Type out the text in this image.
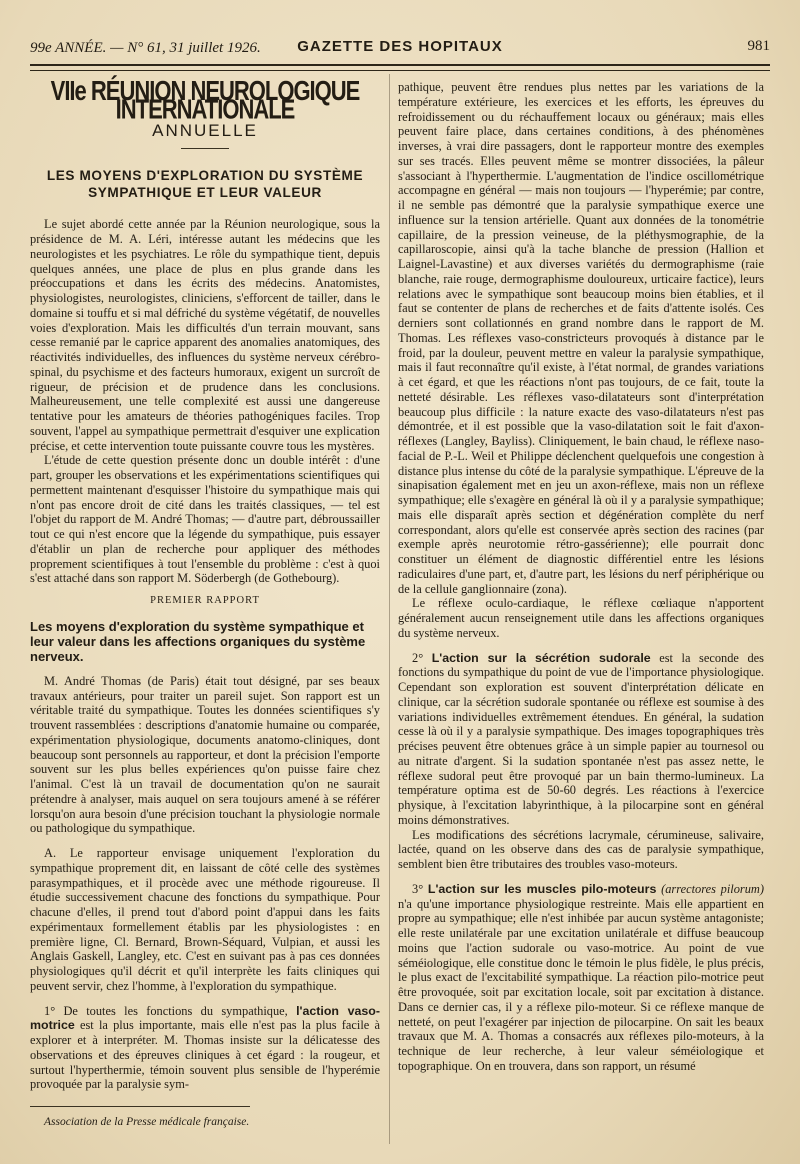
99e ANNÉE. — N° 61, 31 juillet 1926.	GAZETTE DES HOPITAUX	981
VIIe RÉUNION NEUROLOGIQUE INTERNATIONALE
ANNUELLE
LES MOYENS D'EXPLORATION DU SYSTÈME SYMPATHIQUE ET LEUR VALEUR

Le sujet abordé cette année par la Réunion neurologique, sous la présidence de M. A. Léri, intéresse autant les médecins que les neurologistes et les psychiatres. Le rôle du sympathique tient, depuis quelques années, une place de plus en plus grande dans les préoccupations et dans les écrits des médecins. Anatomistes, physiologistes, neurologistes, cliniciens, s'efforcent de tailler, dans le domaine si touffu et si mal défriché du système végétatif, de nouvelles voies d'exploration. Mais les difficultés d'un terrain mouvant, sans cesse remanié par le caprice apparent des anomalies anatomiques, des réactivités individuelles, des influences du système nerveux cérébro-spinal, du psychisme et des facteurs humoraux, exigent un surcroît de rigueur, de précision et de prudence dans les conclusions. Malheureusement, une telle complexité est aussi une dangereuse tentative pour les amateurs de théories pathogéniques faciles. Trop souvent, l'appel au sympathique permettrait d'esquiver une explication précise, et cette intervention toute puissante couvre tous les mystères.

L'étude de cette question présente donc un double intérêt : d'une part, grouper les observations et les expérimentations scientifiques qui permettent maintenant d'esquisser l'histoire du sympathique mais qui n'ont pas encore droit de cité dans les traités classiques, — tel est l'objet du rapport de M. André Thomas; — d'autre part, débroussailler tout ce qui n'est encore que la légende du sympathique, puis essayer d'établir un plan de recherche pour appliquer des méthodes proprement scientifiques à tout l'ensemble du problème : c'est à quoi s'est attaché dans son rapport M. Söderbergh (de Gothebourg).

PREMIER RAPPORT
Les moyens d'exploration du système sympathique et leur valeur dans les affections organiques du système nerveux.

M. André Thomas (de Paris) était tout désigné, par ses beaux travaux antérieurs, pour traiter un pareil sujet. Son rapport est un véritable traité du sympathique. Toutes les données scientifiques s'y trouvent rassemblées : descriptions d'anatomie humaine ou comparée, expérimentation physiologique, documents anatomo-cliniques, dont beaucoup sont personnels au rapporteur, et dont la précision l'emporte souvent sur les plus belles expériences qu'on puisse faire chez l'animal. C'est là un travail de documentation qu'on ne saurait prétendre à analyser, mais auquel on sera toujours amené à se référer lorsqu'on aura besoin d'une précision touchant la physiologie normale ou pathologique du sympathique.

A. Le rapporteur envisage uniquement l'exploration du sympathique proprement dit, en laissant de côté celle des systèmes parasympathiques, et il procède avec une méthode rigoureuse. Il étudie successivement chacune des fonctions du sympathique. Pour chacune d'elles, il prend tout d'abord point d'appui dans les faits expérimentaux formellement établis par les physiologistes : en première ligne, Cl. Bernard, Brown-Séquard, Vulpian, et aussi les Anglais Gaskell, Langley, etc. C'est en suivant pas à pas ces données physiologiques qu'il décrit et qu'il interprète les faits cliniques qui peuvent servir, chez l'homme, à l'exploration du sympathique.

1° De toutes les fonctions du sympathique, l'action vaso-motrice est la plus importante, mais elle n'est pas la plus facile à explorer et à interpréter. M. Thomas insiste sur la délicatesse des observations et des épreuves cliniques à cet égard : la rougeur, et surtout l'hyperthermie, témoin souvent plus sensible de l'hyperémie provoquée par la paralysie sym-

Association de la Presse médicale française.

pathique, peuvent être rendues plus nettes par les variations de la température extérieure, les exercices et les efforts, les épreuves du refroidissement ou du réchauffement locaux ou généraux; mais elles peuvent faire place, dans certaines conditions, à des phénomènes inverses, à vrai dire passagers, dont le rapporteur montre des exemples sur ses tracés. Elles peuvent même se montrer dissociées, la pâleur s'associant à l'hyperthermie. L'augmentation de l'indice oscillométrique accompagne en général — mais non toujours — l'hyperémie; par contre, il ne semble pas démontré que la paralysie sympathique exerce une influence sur la tension artérielle. Quant aux données de la tonométrie capillaire, de la pression veineuse, de la pléthysmographie, de la capillaroscopie, ainsi qu'à la tache blanche de pression (Hallion et Laignel-Lavastine) et aux diverses variétés du dermographisme (raie blanche, raie rouge, dermographisme douloureux, urticaire factice), leurs relations avec le sympathique sont beaucoup moins bien établies, et il faut se contenter de plans de recherches et de faits d'attente isolés. Ces derniers sont collationnés en grand nombre dans le rapport de M. Thomas. Les réflexes vaso-constricteurs provoqués à distance par le froid, par la douleur, peuvent mettre en valeur la paralysie sympathique, mais il faut reconnaître qu'il existe, à l'état normal, de grandes variations à cet égard, et que les réactions n'ont pas toujours, de ce fait, toute la netteté désirable. Les réflexes vaso-dilatateurs sont d'interprétation beaucoup plus difficile : la nature exacte des vaso-dilatateurs n'est pas démontrée, et il est possible que la vaso-dilatation soit le fait d'axon-réflexes (Langley, Bayliss). Cliniquement, le bain chaud, le réflexe naso-facial de P.-L. Weil et Philippe déclenchent quelquefois une congestion à distance plus intense du côté de la paralysie sympathique. L'épreuve de la sinapisation également met en jeu un axon-réflexe, mais non un réflexe sympathique; elle s'exagère en général là où il y a paralysie sympathique; mais elle disparaît après section et dégénération complète du nerf correspondant, alors qu'elle est conservée après section des racines (par exemple après neurotomie rétro-gassérienne); elle pourrait donc constituer un élément de diagnostic différentiel entre les lésions radiculaires d'une part, et, d'autre part, les lésions du nerf périphérique ou de la cellule ganglionnaire (zona).

Le réflexe oculo-cardiaque, le réflexe cœliaque n'apportent généralement aucun renseignement utile dans les affections organiques du système nerveux.

2° L'action sur la sécrétion sudorale est la seconde des fonctions du sympathique du point de vue de l'importance physiologique. Cependant son exploration est souvent d'interprétation délicate en clinique, car la sécrétion sudorale spontanée ou réflexe est soumise à des variations individuelles extrêmement étendues. En général, la sudation cesse là où il y a paralysie sympathique. Des images topographiques très précises peuvent être obtenues grâce à un simple papier au tournesol ou au nitrate d'argent. Si la sudation spontanée n'est pas assez nette, le réflexe sudoral peut être provoqué par un bain thermo-lumineux. La température optima est de 50-60 degrés. Les réactions à l'exercice physique, à l'excitation labyrinthique, à la pilocarpine sont en général moins démonstratives.

Les modifications des sécrétions lacrymale, cérumineuse, salivaire, lactée, quand on les observe dans des cas de paralysie sympathique, semblent bien être tributaires des troubles vaso-moteurs.

3° L'action sur les muscles pilo-moteurs (arrectores pilorum) n'a qu'une importance physiologique restreinte. Mais elle appartient en propre au sympathique; elle n'est inhibée par aucun système antagoniste; elle reste unilatérale par une excitation unilatérale et diffuse beaucoup moins que l'action sudorale ou vaso-motrice. Au point de vue séméiologique, elle constitue donc le témoin le plus fidèle, le plus précis, le plus exact de l'excitabilité sympathique. La réaction pilo-motrice peut être provoquée, soit par excitation locale, soit par excitation à distance. Dans ce dernier cas, il y a réflexe pilo-moteur. Si ce réflexe manque de netteté, on peut l'exagérer par injection de pilocarpine. On sait les beaux travaux que M. A. Thomas a consacrés aux réflexes pilo-moteurs, à la technique de leur recherche, à leur valeur séméiologique et topographique. On en trouvera, dans son rapport, un résumé
